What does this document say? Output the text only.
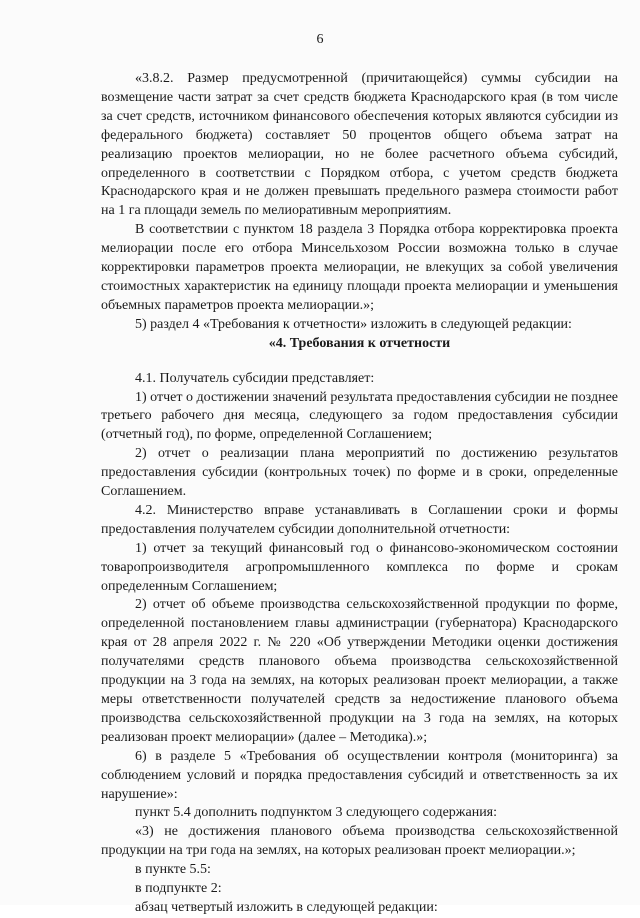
6

«3.8.2. Размер предусмотренной (причитающейся) суммы субсидии на возмещение части затрат за счет средств бюджета Краснодарского края (в том числе за счет средств, источником финансового обеспечения которых являются субсидии из федерального бюджета) составляет 50 процентов общего объема затрат на реализацию проектов мелиорации, но не более расчетного объема субсидий, определенного в соответствии с Порядком отбора, с учетом средств бюджета Краснодарского края и не должен превышать предельного размера стоимости работ на 1 га площади земель по мелиоративным мероприятиям.

В соответствии с пунктом 18 раздела 3 Порядка отбора корректировка проекта мелиорации после его отбора Минсельхозом России возможна только в случае корректировки параметров проекта мелиорации, не влекущих за собой увеличения стоимостных характеристик на единицу площади проекта мелиорации и уменьшения объемных параметров проекта мелиорации.»;

5) раздел 4 «Требования к отчетности» изложить в следующей редакции:

«4. Требования к отчетности

4.1. Получатель субсидии представляет:

1) отчет о достижении значений результата предоставления субсидии не позднее третьего рабочего дня месяца, следующего за годом предоставления субсидии (отчетный год), по форме, определенной Соглашением;

2) отчет о реализации плана мероприятий по достижению результатов предоставления субсидии (контрольных точек) по форме и в сроки, определенные Соглашением.

4.2. Министерство вправе устанавливать в Соглашении сроки и формы предоставления получателем субсидии дополнительной отчетности:

1) отчет за текущий финансовый год о финансово-экономическом состоянии товаропроизводителя агропромышленного комплекса по форме и срокам определенным Соглашением;

2) отчет об объеме производства сельскохозяйственной продукции по форме, определенной постановлением главы администрации (губернатора) Краснодарского края от 28 апреля 2022 г. № 220 «Об утверждении Методики оценки достижения получателями средств планового объема производства сельскохозяйственной продукции на 3 года на землях, на которых реализован проект мелиорации, а также меры ответственности получателей средств за недостижение планового объема производства сельскохозяйственной продукции на 3 года на землях, на которых реализован проект мелиорации» (далее – Методика).»;

6) в разделе 5 «Требования об осуществлении контроля (мониторинга) за соблюдением условий и порядка предоставления субсидий и ответственность за их нарушение»:

пункт 5.4 дополнить подпунктом 3 следующего содержания:

«3) не достижения планового объема производства сельскохозяйственной продукции на три года на землях, на которых реализован проект мелиорации.»;

в пункте 5.5:

в подпункте 2:

абзац четвертый изложить в следующей редакции:
